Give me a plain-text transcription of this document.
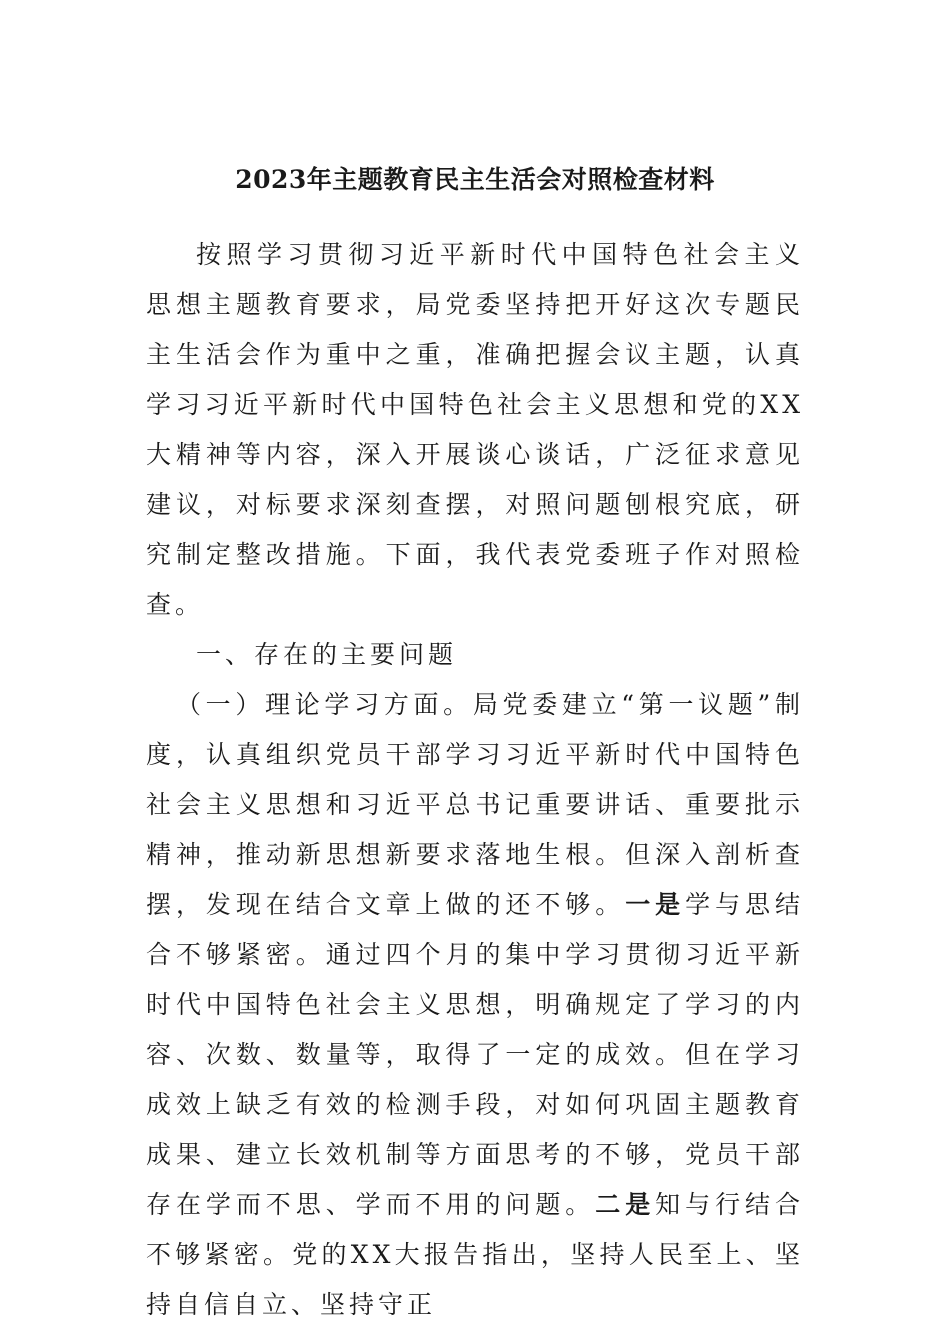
2023年主题教育民主生活会对照检查材料

按照学习贯彻习近平新时代中国特色社会主义思想主题教育要求，局党委坚持把开好这次专题民主生活会作为重中之重，准确把握会议主题，认真学习习近平新时代中国特色社会主义思想和党的XX大精神等内容，深入开展谈心谈话，广泛征求意见建议，对标要求深刻查摆，对照问题刨根究底，研究制定整改措施。下面，我代表党委班子作对照检查。

一、存在的主要问题

（一）理论学习方面。局党委建立“第一议题”制度，认真组织党员干部学习习近平新时代中国特色社会主义思想和习近平总书记重要讲话、重要批示精神，推动新思想新要求落地生根。但深入剖析查摆，发现在结合文章上做的还不够。一是学与思结合不够紧密。通过四个月的集中学习贯彻习近平新时代中国特色社会主义思想，明确规定了学习的内容、次数、数量等，取得了一定的成效。但在学习成效上缺乏有效的检测手段，对如何巩固主题教育成果、建立长效机制等方面思考的不够，党员干部存在学而不思、学而不用的问题。二是知与行结合不够紧密。党的XX大报告指出，坚持人民至上、坚持自信自立、坚持守正
